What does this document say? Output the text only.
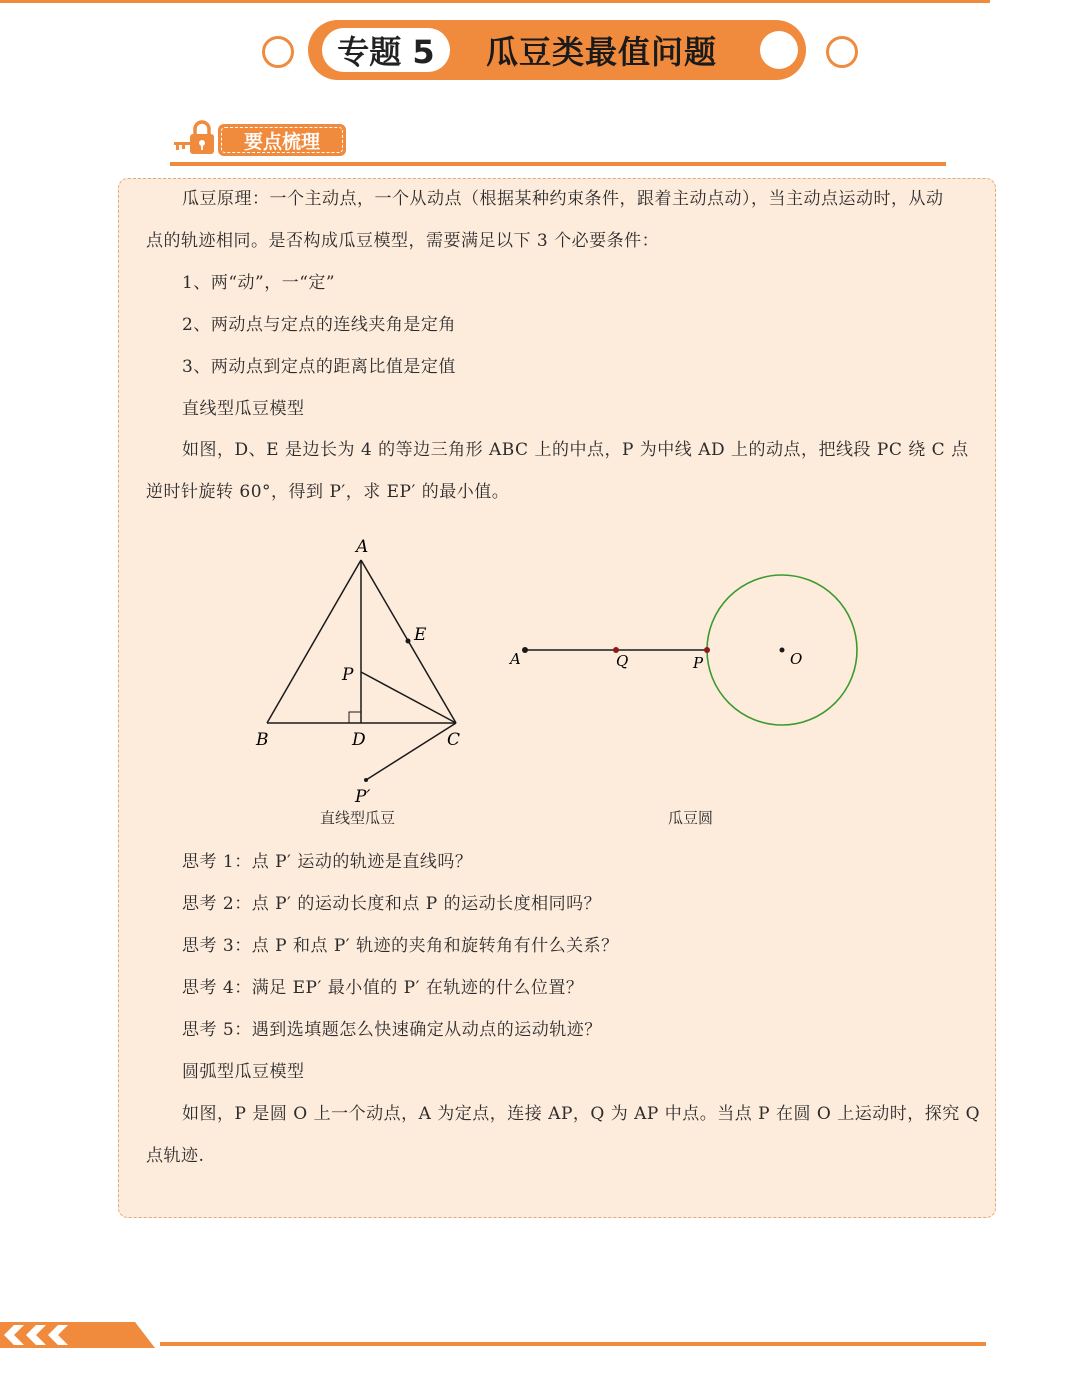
专题 5	瓜豆类最值问题
要点梳理
瓜豆原理：一个主动点，一个从动点（根据某种约束条件，跟着主动点动），当主动点运动时，从动
点的轨迹相同。是否构成瓜豆模型，需要满足以下 3 个必要条件：
1、两“动”，一“定”
2、两动点与定点的连线夹角是定角
3、两动点到定点的距离比值是定值
直线型瓜豆模型
如图，D、E 是边长为 4 的等边三角形 ABC 上的中点，P 为中线 AD 上的动点，把线段 PC 绕 C 点
逆时针旋转 60°，得到 P′，求 EP′ 的最小值。
A
E
P
B	D	C
P′
直线型瓜豆
A	Q	P	O
瓜豆圆
思考 1：点 P′ 运动的轨迹是直线吗？
思考 2：点 P′ 的运动长度和点 P 的运动长度相同吗？
思考 3：点 P 和点 P′ 轨迹的夹角和旋转角有什么关系？
思考 4：满足 EP′ 最小值的 P′ 在轨迹的什么位置？
思考 5：遇到选填题怎么快速确定从动点的运动轨迹？
圆弧型瓜豆模型
如图，P 是圆 O 上一个动点，A 为定点，连接 AP，Q 为 AP 中点。当点 P 在圆 O 上运动时，探究 Q
点轨迹.
